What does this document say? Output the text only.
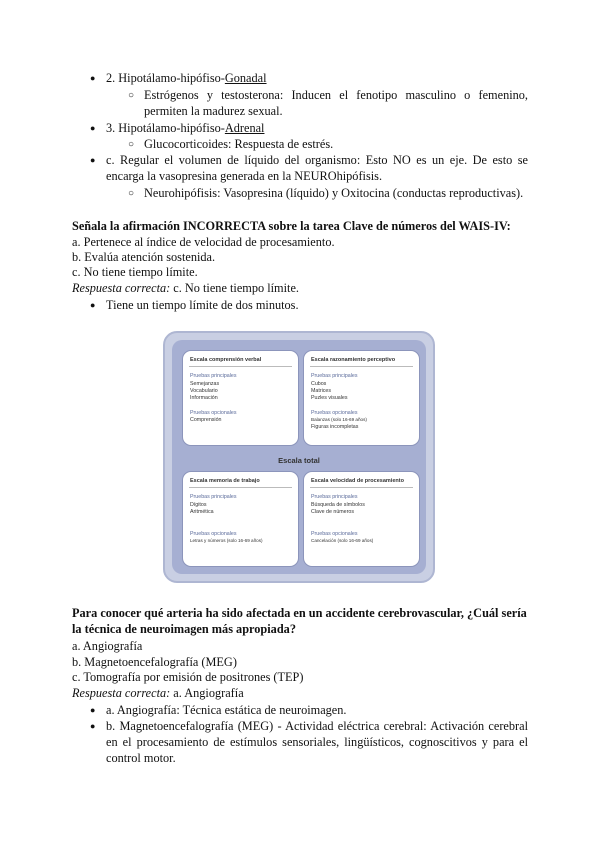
● 2. Hipotálamo-hipófiso-Gonadal
○ Estrógenos y testosterona: Inducen el fenotipo masculino o femenino,
permiten la madurez sexual.
● 3. Hipotálamo-hipófiso-Adrenal
○ Glucocorticoides: Respuesta de estrés.
● c. Regular el volumen de líquido del organismo: Esto NO es un eje. De esto se
encarga la vasopresina generada en la NEUROhipófisis.
○ Neurohipófisis: Vasopresina (líquido) y Oxitocina (conductas reproductivas).
Señala la afirmación INCORRECTA sobre la tarea Clave de números del WAIS-IV:
a. Pertenece al índice de velocidad de procesamiento.
b. Evalúa atención sostenida.
c. No tiene tiempo límite.
Respuesta correcta: c. No tiene tiempo límite.
● Tiene un tiempo límite de dos minutos.
Escala comprensión verbal
Pruebas principales
Semejanzas
Vocabulario
Información
Pruebas opcionales
Comprensión
Escala razonamiento perceptivo
Pruebas principales
Cubos
Matrices
Puzles visuales
Pruebas opcionales
Balanzas (solo 16-69 años)
Figuras incompletas
Escala total
Escala memoria de trabajo
Pruebas principales
Dígitos
Aritmética
Pruebas opcionales
Letras y números (solo 16-69 años)
Escala velocidad de procesamiento
Pruebas principales
Búsqueda de símbolos
Clave de números
Pruebas opcionales
Cancelación (solo 16-69 años)
Para conocer qué arteria ha sido afectada en un accidente cerebrovascular, ¿Cuál sería
la técnica de neuroimagen más apropiada?
a. Angiografía
b. Magnetoencefalografía (MEG)
c. Tomografía por emisión de positrones (TEP)
Respuesta correcta: a. Angiografía
● a. Angiografía: Técnica estática de neuroimagen.
● b. Magnetoencefalografía (MEG) - Actividad eléctrica cerebral: Activación cerebral
en el procesamiento de estímulos sensoriales, lingüísticos, cognoscitivos y para el
control motor.
